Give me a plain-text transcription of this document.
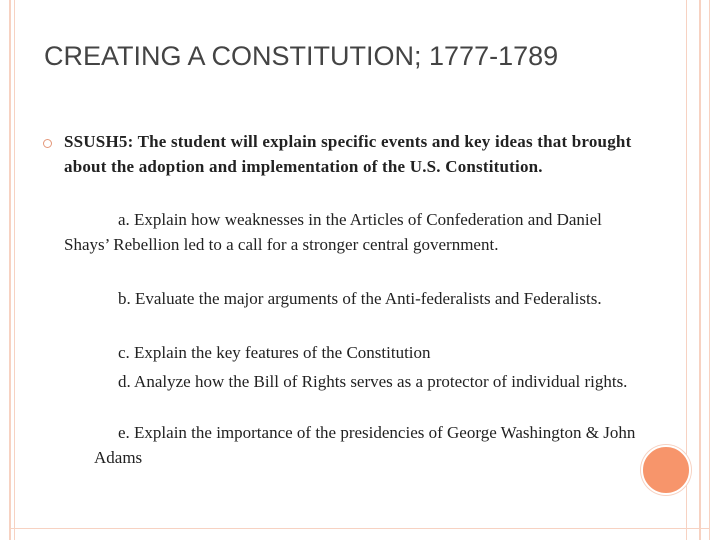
CREATING A CONSTITUTION; 1777-1789
SSUSH5: The student will explain specific events and key ideas that brought about the adoption and implementation of the U.S. Constitution.

a. Explain how weaknesses in the Articles of Confederation and Daniel Shays’ Rebellion led to a call for a stronger central government.

b. Evaluate the major arguments of the Anti-federalists and Federalists.

c. Explain the key features of the Constitution

d. Analyze how the Bill of Rights serves as a protector of individual rights.

e. Explain the importance of the presidencies of George Washington & John Adams
